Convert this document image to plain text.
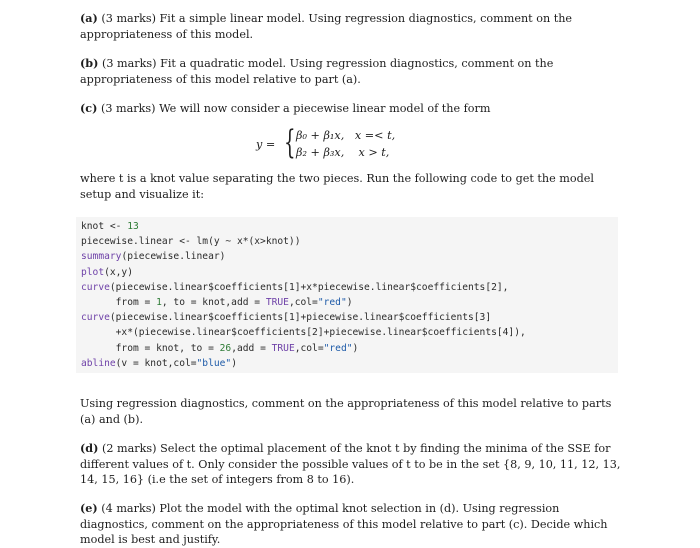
(a) (3 marks) Fit a simple linear model. Using regression diagnostics, comment on the appropriateness of this model.

(b) (3 marks) Fit a quadratic model. Using regression diagnostics, comment on the appropriateness of this model relative to part (a).

(c) (3 marks) We will now consider a piecewise linear model of the form

y = { β₀ + β₁x,   x =< t,
β₂ + β₃x,    x > t,

where t is a knot value separating the two pieces. Run the following code to get the model setup and visualize it:

knot <- 13
piecewise.linear <- lm(y ~ x*(x>knot))
summary(piecewise.linear)
plot(x,y)
curve(piecewise.linear$coefficients[1]+x*piecewise.linear$coefficients[2],
from = 1, to = knot,add = TRUE,col="red")
curve(piecewise.linear$coefficients[1]+piecewise.linear$coefficients[3]
+x*(piecewise.linear$coefficients[2]+piecewise.linear$coefficients[4]),
from = knot, to = 26,add = TRUE,col="red")
abline(v = knot,col="blue")

Using regression diagnostics, comment on the appropriateness of this model relative to parts (a) and (b).

(d) (2 marks) Select the optimal placement of the knot t by finding the minima of the SSE for different values of t. Only consider the possible values of t to be in the set {8, 9, 10, 11, 12, 13, 14, 15, 16} (i.e the set of integers from 8 to 16).

(e) (4 marks) Plot the model with the optimal knot selection in (d). Using regression diagnostics, comment on the appropriateness of this model relative to part (c). Decide which model is best and justify.
